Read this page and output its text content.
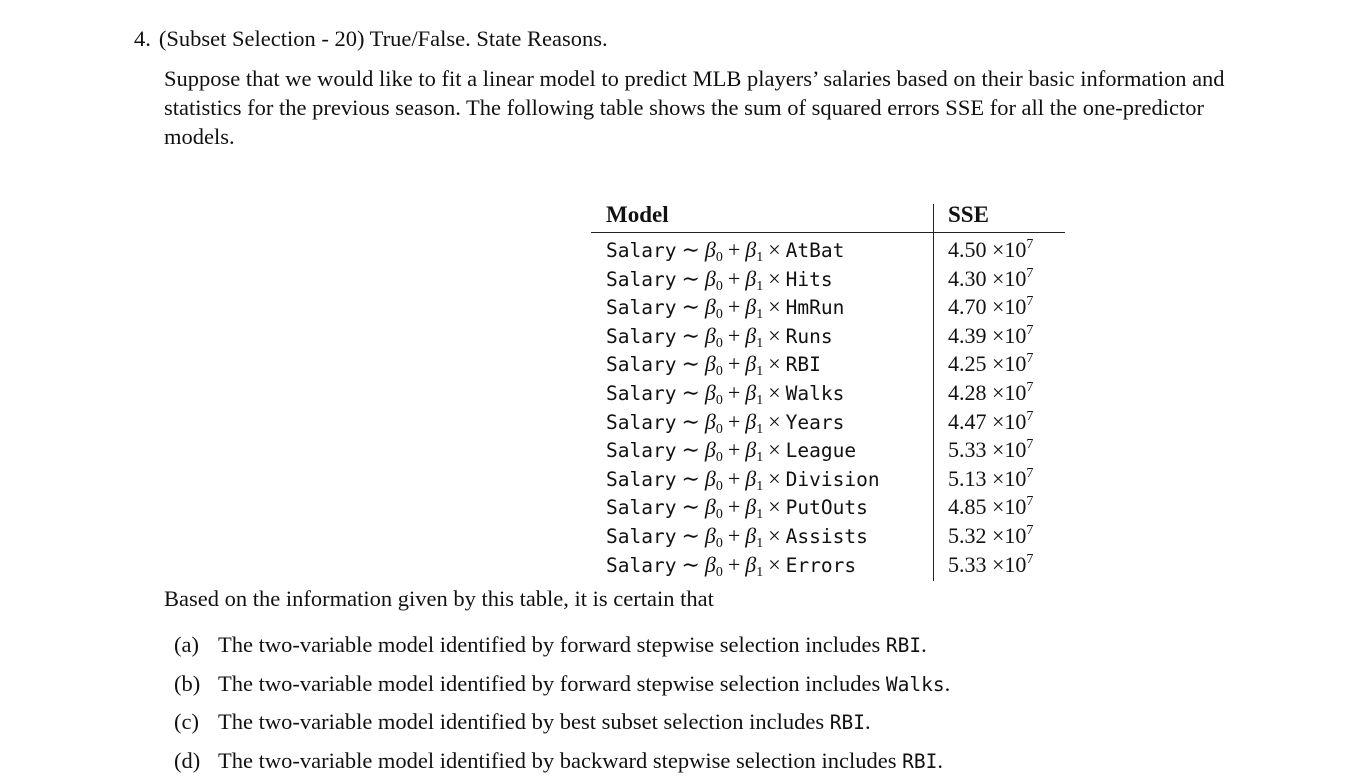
4. (Subset Selection - 20) True/False. State Reasons.

Suppose that we would like to fit a linear model to predict MLB players’ salaries based on their basic information and statistics for the previous season. The following table shows the sum of squared errors SSE for all the one-predictor models.

Model	SSE
Salary ∼ $\beta_0 + \beta_1$ × AtBat	$4.50 \times 10^7$
Salary ∼ $\beta_0 + \beta_1$ × Hits	$4.30 \times 10^7$
Salary ∼ $\beta_0 + \beta_1$ × HmRun	$4.70 \times 10^7$
Salary ∼ $\beta_0 + \beta_1$ × Runs	$4.39 \times 10^7$
Salary ∼ $\beta_0 + \beta_1$ × RBI	$4.25 \times 10^7$
Salary ∼ $\beta_0 + \beta_1$ × Walks	$4.28 \times 10^7$
Salary ∼ $\beta_0 + \beta_1$ × Years	$4.47 \times 10^7$
Salary ∼ $\beta_0 + \beta_1$ × League	$5.33 \times 10^7$
Salary ∼ $\beta_0 + \beta_1$ × Division	$5.13 \times 10^7$
Salary ∼ $\beta_0 + \beta_1$ × PutOuts	$4.85 \times 10^7$
Salary ∼ $\beta_0 + \beta_1$ × Assists	$5.32 \times 10^7$
Salary ∼ $\beta_0 + \beta_1$ × Errors	$5.33 \times 10^7$

Based on the information given by this table, it is certain that

(a) The two-variable model identified by forward stepwise selection includes RBI.
(b) The two-variable model identified by forward stepwise selection includes Walks.
(c) The two-variable model identified by best subset selection includes RBI.
(d) The two-variable model identified by backward stepwise selection includes RBI.
